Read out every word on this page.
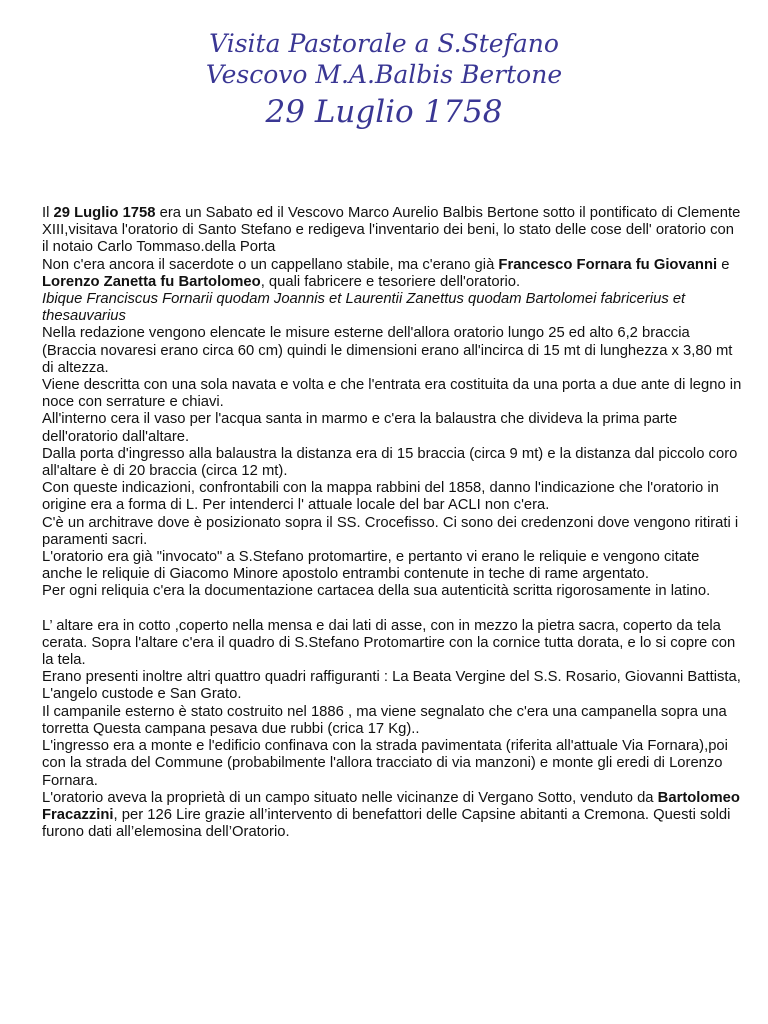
Visita Pastorale a S.Stefano
Vescovo M.A.Balbis Bertone
29 Luglio 1758

Il 29 Luglio 1758 era un Sabato ed il Vescovo Marco Aurelio Balbis Bertone sotto il pontificato di Clemente XIII,visitava l'oratorio di Santo Stefano e redigeva l'inventario dei beni, lo stato delle cose dell' oratorio con il notaio Carlo Tommaso.della Porta

Non c'era ancora il sacerdote o un cappellano stabile, ma c'erano già Francesco Fornara fu Giovanni e Lorenzo Zanetta fu Bartolomeo, quali fabricere e tesoriere dell'oratorio.

Ibique Franciscus Fornarii quodam Joannis et Laurentii Zanettus quodam Bartolomei fabricerius et thesauvarius

Nella redazione vengono elencate le misure esterne dell'allora oratorio lungo 25 ed alto 6,2 braccia (Braccia novaresi erano circa 60 cm) quindi le dimensioni erano all'incirca di 15 mt di lunghezza x 3,80 mt di altezza.

Viene descritta con una sola navata e volta e che l'entrata era costituita da una porta a due ante di legno in noce con serrature e chiavi.

All'interno cera il vaso per l'acqua santa in marmo e c'era la balaustra che divideva la prima parte dell'oratorio dall'altare.

Dalla porta d'ingresso alla balaustra la distanza era di 15 braccia (circa 9 mt) e la distanza dal piccolo coro all'altare è di 20 braccia (circa 12 mt).

Con queste indicazioni, confrontabili con la mappa rabbini del 1858, danno l'indicazione che l'oratorio in origine era a forma di L. Per intenderci l' attuale locale del bar ACLI non c'era.

C'è un architrave dove è posizionato sopra il SS. Crocefisso. Ci sono dei credenzoni dove vengono ritirati i paramenti sacri.

L'oratorio era già "invocato" a S.Stefano protomartire, e pertanto vi erano le reliquie e vengono citate anche le reliquie di Giacomo Minore apostolo entrambi contenute in teche di rame argentato.

Per ogni reliquia c'era la documentazione cartacea della sua autenticità scritta rigorosamente in latino.

L’ altare era in cotto ,coperto nella mensa e dai lati di asse, con in mezzo la pietra sacra, coperto da tela cerata. Sopra l'altare c'era il quadro di S.Stefano Protomartire con la cornice tutta dorata, e lo si copre con la tela.

Erano presenti inoltre altri quattro quadri raffiguranti : La Beata Vergine del S.S. Rosario, Giovanni Battista, L'angelo custode e San Grato.

Il campanile esterno è stato costruito nel 1886 , ma viene segnalato che c'era una campanella sopra una torretta Questa campana pesava due rubbi (crica 17 Kg)..

L'ingresso era a monte e l'edificio confinava con la strada pavimentata (riferita all'attuale Via Fornara),poi con la strada del Commune (probabilmente l'allora tracciato di via manzoni) e monte gli eredi di Lorenzo Fornara.

L'oratorio aveva la proprietà di un campo situato nelle vicinanze di Vergano Sotto, venduto da Bartolomeo Fracazzini, per 126 Lire grazie all’intervento di benefattori delle Capsine abitanti a Cremona. Questi soldi furono dati all’elemosina dell’Oratorio.
